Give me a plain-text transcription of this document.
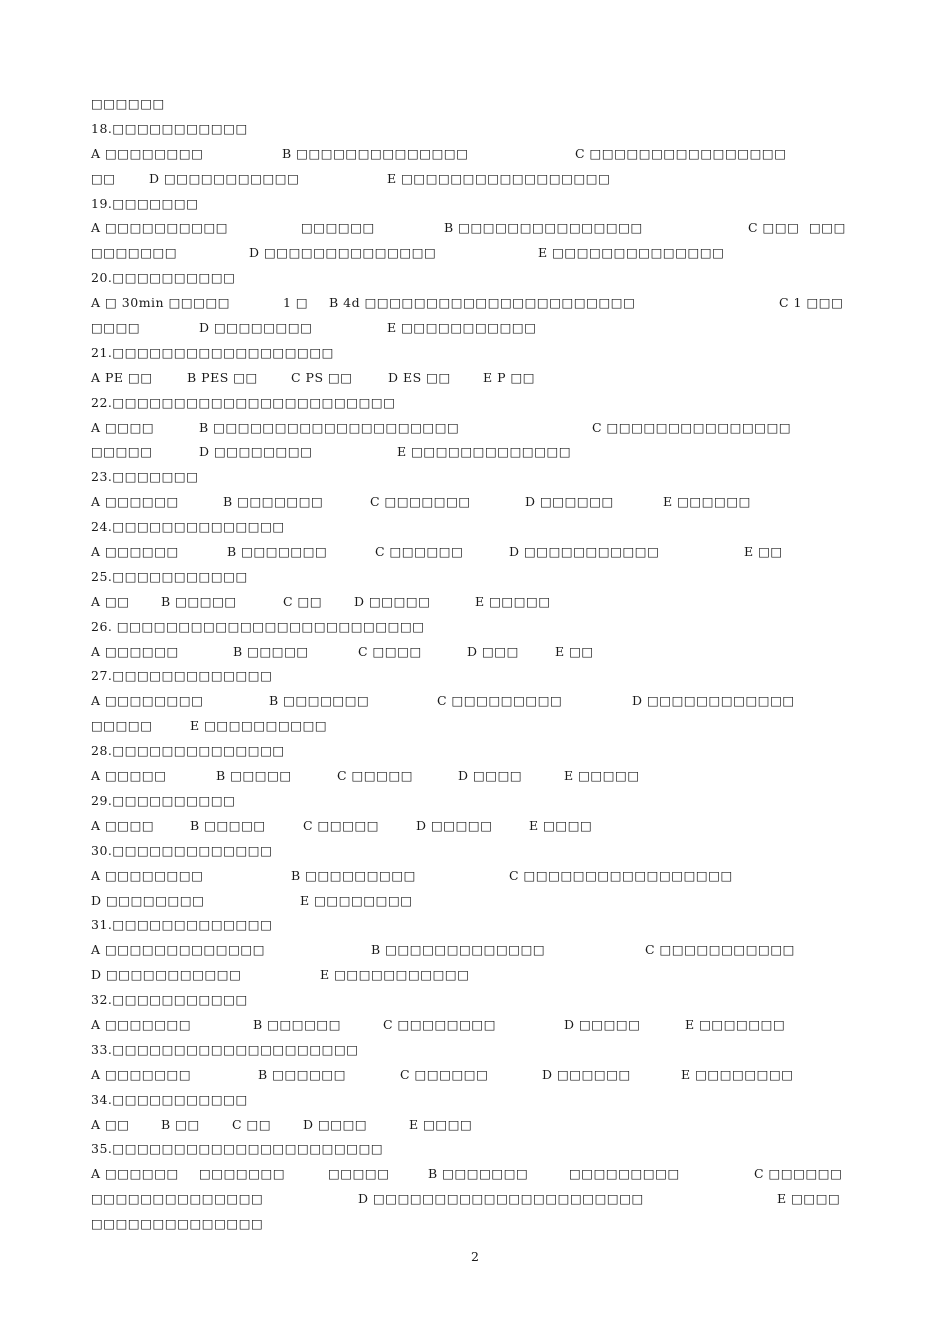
□□□□□□
18.□□□□□□□□□□□
A □□□□□□□□	B □□□□□□□□□□□□□□	C □□□□□□□□□□□□□□□□
□□	D □□□□□□□□□□□	E □□□□□□□□□□□□□□□□□
19.□□□□□□□
A □□□□□□□□□□	□□□□□□	B □□□□□□□□□□□□□□□	C □□□ □□□
□□□□□□□	D □□□□□□□□□□□□□□	E □□□□□□□□□□□□□□
20.□□□□□□□□□□
A □ 30min □□□□□	1 □ B 4d □□□□□□□□□□□□□□□□□□□□□□	C 1 □□□
□□□□	D □□□□□□□□	E □□□□□□□□□□□
21.□□□□□□□□□□□□□□□□□□
A PE □□	B PES □□	C PS □□	D ES □□	E P □□
22.□□□□□□□□□□□□□□□□□□□□□□□
A □□□□	B □□□□□□□□□□□□□□□□□□□□	C □□□□□□□□□□□□□□□
□□□□□	D □□□□□□□□	E □□□□□□□□□□□□□
23.□□□□□□□
A □□□□□□	B □□□□□□□	C □□□□□□□	D □□□□□□	E □□□□□□
24.□□□□□□□□□□□□□□
A □□□□□□	B □□□□□□□	C □□□□□□	D □□□□□□□□□□□	E □□
25.□□□□□□□□□□□
A □□	B □□□□□	C □□	D □□□□□	E □□□□□
26. □□□□□□□□□□□□□□□□□□□□□□□□□
A □□□□□□	B □□□□□	C □□□□	D □□□	E □□
27.□□□□□□□□□□□□□
A □□□□□□□□	B □□□□□□□	C □□□□□□□□□	D □□□□□□□□□□□□
□□□□□	E □□□□□□□□□□
28.□□□□□□□□□□□□□□
A □□□□□	B □□□□□	C □□□□□	D □□□□	E □□□□□
29.□□□□□□□□□□
A □□□□	B □□□□□	C □□□□□	D □□□□□	E □□□□
30.□□□□□□□□□□□□□
A □□□□□□□□	B □□□□□□□□□	C □□□□□□□□□□□□□□□□□
D □□□□□□□□	E □□□□□□□□
31.□□□□□□□□□□□□□
A □□□□□□□□□□□□□	B □□□□□□□□□□□□□	C □□□□□□□□□□□
D □□□□□□□□□□□	E □□□□□□□□□□□
32.□□□□□□□□□□□
A □□□□□□□	B □□□□□□	C □□□□□□□□	D □□□□□	E □□□□□□□
33.□□□□□□□□□□□□□□□□□□□□
A □□□□□□□	B □□□□□□	C □□□□□□	D □□□□□□	E □□□□□□□□
34.□□□□□□□□□□□
A □□	B □□	C □□	D □□□□	E □□□□
35.□□□□□□□□□□□□□□□□□□□□□□
A □□□□□□ □□□□□□□	□□□□□	B □□□□□□□	□□□□□□□□□	C □□□□□□
□□□□□□□□□□□□□□	D □□□□□□□□□□□□□□□□□□□□□□	E □□□□
□□□□□□□□□□□□□□
2
